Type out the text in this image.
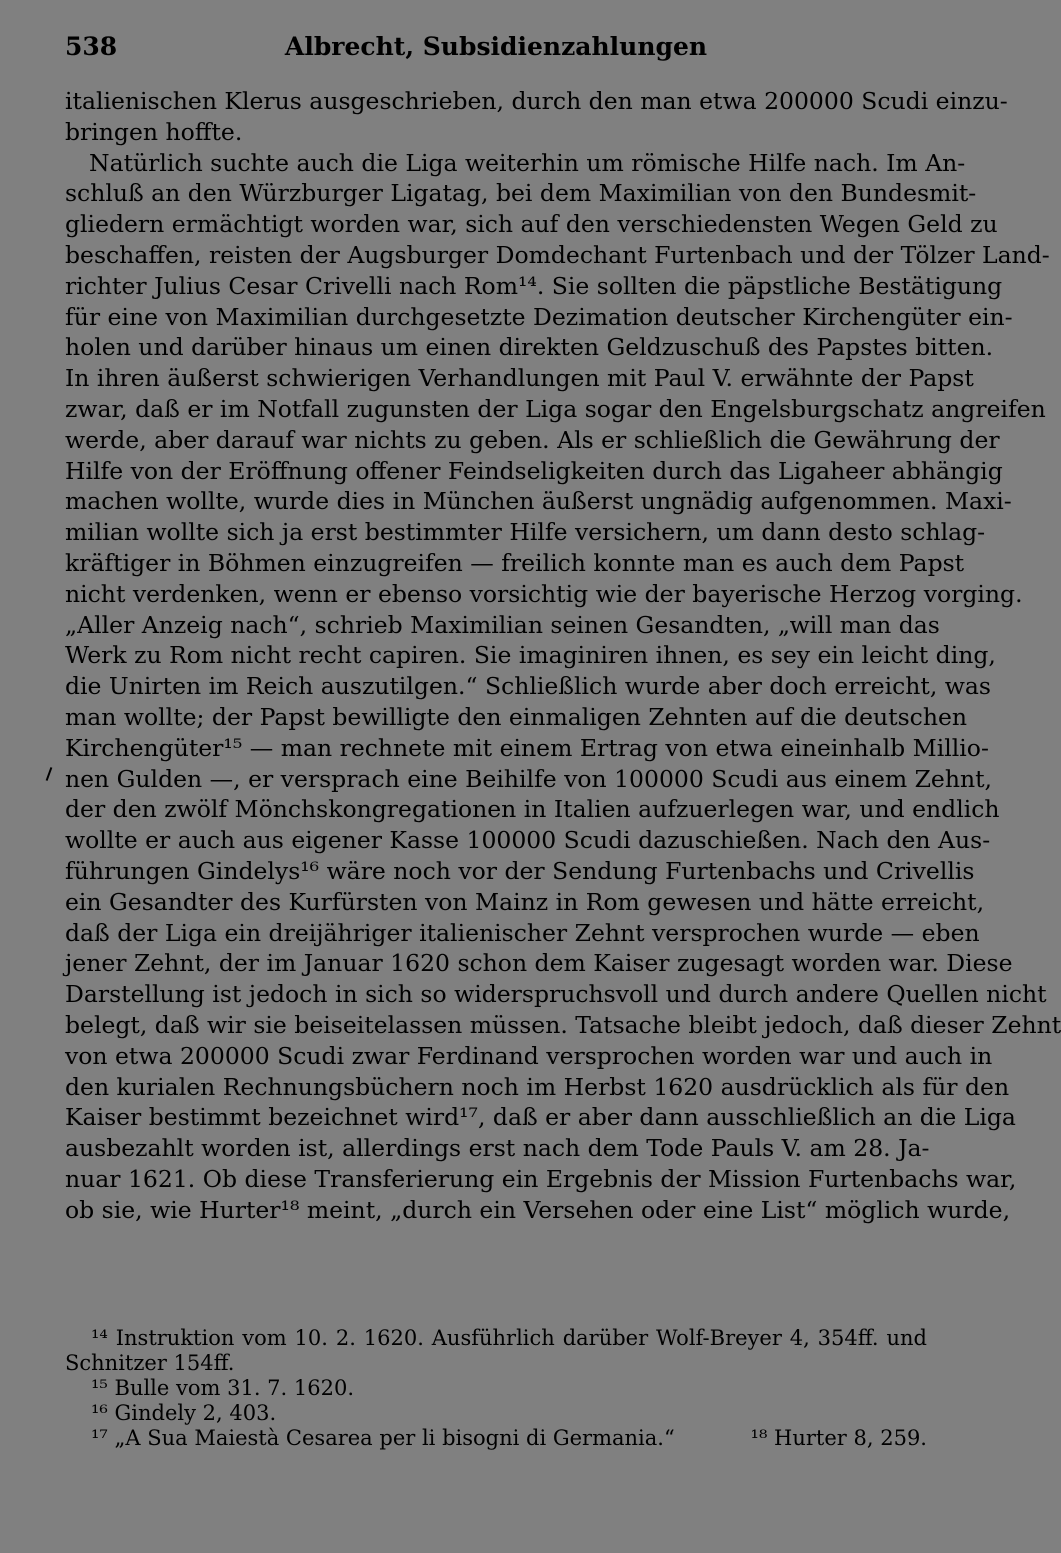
538	Albrecht, Subsidienzahlungen
italienischen Klerus ausgeschrieben, durch den man etwa 200000 Scudi einzu-
bringen hoffte.
Natürlich suchte auch die Liga weiterhin um römische Hilfe nach. Im An-
schluß an den Würzburger Ligatag, bei dem Maximilian von den Bundesmit-
gliedern ermächtigt worden war, sich auf den verschiedensten Wegen Geld zu
beschaffen, reisten der Augsburger Domdechant Furtenbach und der Tölzer Land-
richter Julius Cesar Crivelli nach Rom¹⁴. Sie sollten die päpstliche Bestätigung
für eine von Maximilian durchgesetzte Dezimation deutscher Kirchengüter ein-
holen und darüber hinaus um einen direkten Geldzuschuß des Papstes bitten.
In ihren äußerst schwierigen Verhandlungen mit Paul V. erwähnte der Papst
zwar, daß er im Notfall zugunsten der Liga sogar den Engelsburgschatz angreifen
werde, aber darauf war nichts zu geben. Als er schließlich die Gewährung der
Hilfe von der Eröffnung offener Feindseligkeiten durch das Ligaheer abhängig
machen wollte, wurde dies in München äußerst ungnädig aufgenommen. Maxi-
milian wollte sich ja erst bestimmter Hilfe versichern, um dann desto schlag-
kräftiger in Böhmen einzugreifen — freilich konnte man es auch dem Papst
nicht verdenken, wenn er ebenso vorsichtig wie der bayerische Herzog vorging.
„Aller Anzeig nach“, schrieb Maximilian seinen Gesandten, „will man das
Werk zu Rom nicht recht capiren. Sie imaginiren ihnen, es sey ein leicht ding,
die Unirten im Reich auszutilgen.“ Schließlich wurde aber doch erreicht, was
man wollte; der Papst bewilligte den einmaligen Zehnten auf die deutschen
Kirchengüter¹⁵ — man rechnete mit einem Ertrag von etwa eineinhalb Millio-
nen Gulden —, er versprach eine Beihilfe von 100000 Scudi aus einem Zehnt,
der den zwölf Mönchskongregationen in Italien aufzuerlegen war, und endlich
wollte er auch aus eigener Kasse 100000 Scudi dazuschießen. Nach den Aus-
führungen Gindelys¹⁶ wäre noch vor der Sendung Furtenbachs und Crivellis
ein Gesandter des Kurfürsten von Mainz in Rom gewesen und hätte erreicht,
daß der Liga ein dreijähriger italienischer Zehnt versprochen wurde — eben
jener Zehnt, der im Januar 1620 schon dem Kaiser zugesagt worden war. Diese
Darstellung ist jedoch in sich so widerspruchsvoll und durch andere Quellen nicht
belegt, daß wir sie beiseitelassen müssen. Tatsache bleibt jedoch, daß dieser Zehnt
von etwa 200000 Scudi zwar Ferdinand versprochen worden war und auch in
den kurialen Rechnungsbüchern noch im Herbst 1620 ausdrücklich als für den
Kaiser bestimmt bezeichnet wird¹⁷, daß er aber dann ausschließlich an die Liga
ausbezahlt worden ist, allerdings erst nach dem Tode Pauls V. am 28. Ja-
nuar 1621. Ob diese Transferierung ein Ergebnis der Mission Furtenbachs war,
ob sie, wie Hurter¹⁸ meint, „durch ein Versehen oder eine List“ möglich wurde,
¹⁴ Instruktion vom 10. 2. 1620. Ausführlich darüber Wolf-Breyer 4, 354ff. und
Schnitzer 154ff.
¹⁵ Bulle vom 31. 7. 1620.
¹⁶ Gindely 2, 403.
¹⁷ „A Sua Maiestà Cesarea per li bisogni di Germania.“	¹⁸ Hurter 8, 259.
